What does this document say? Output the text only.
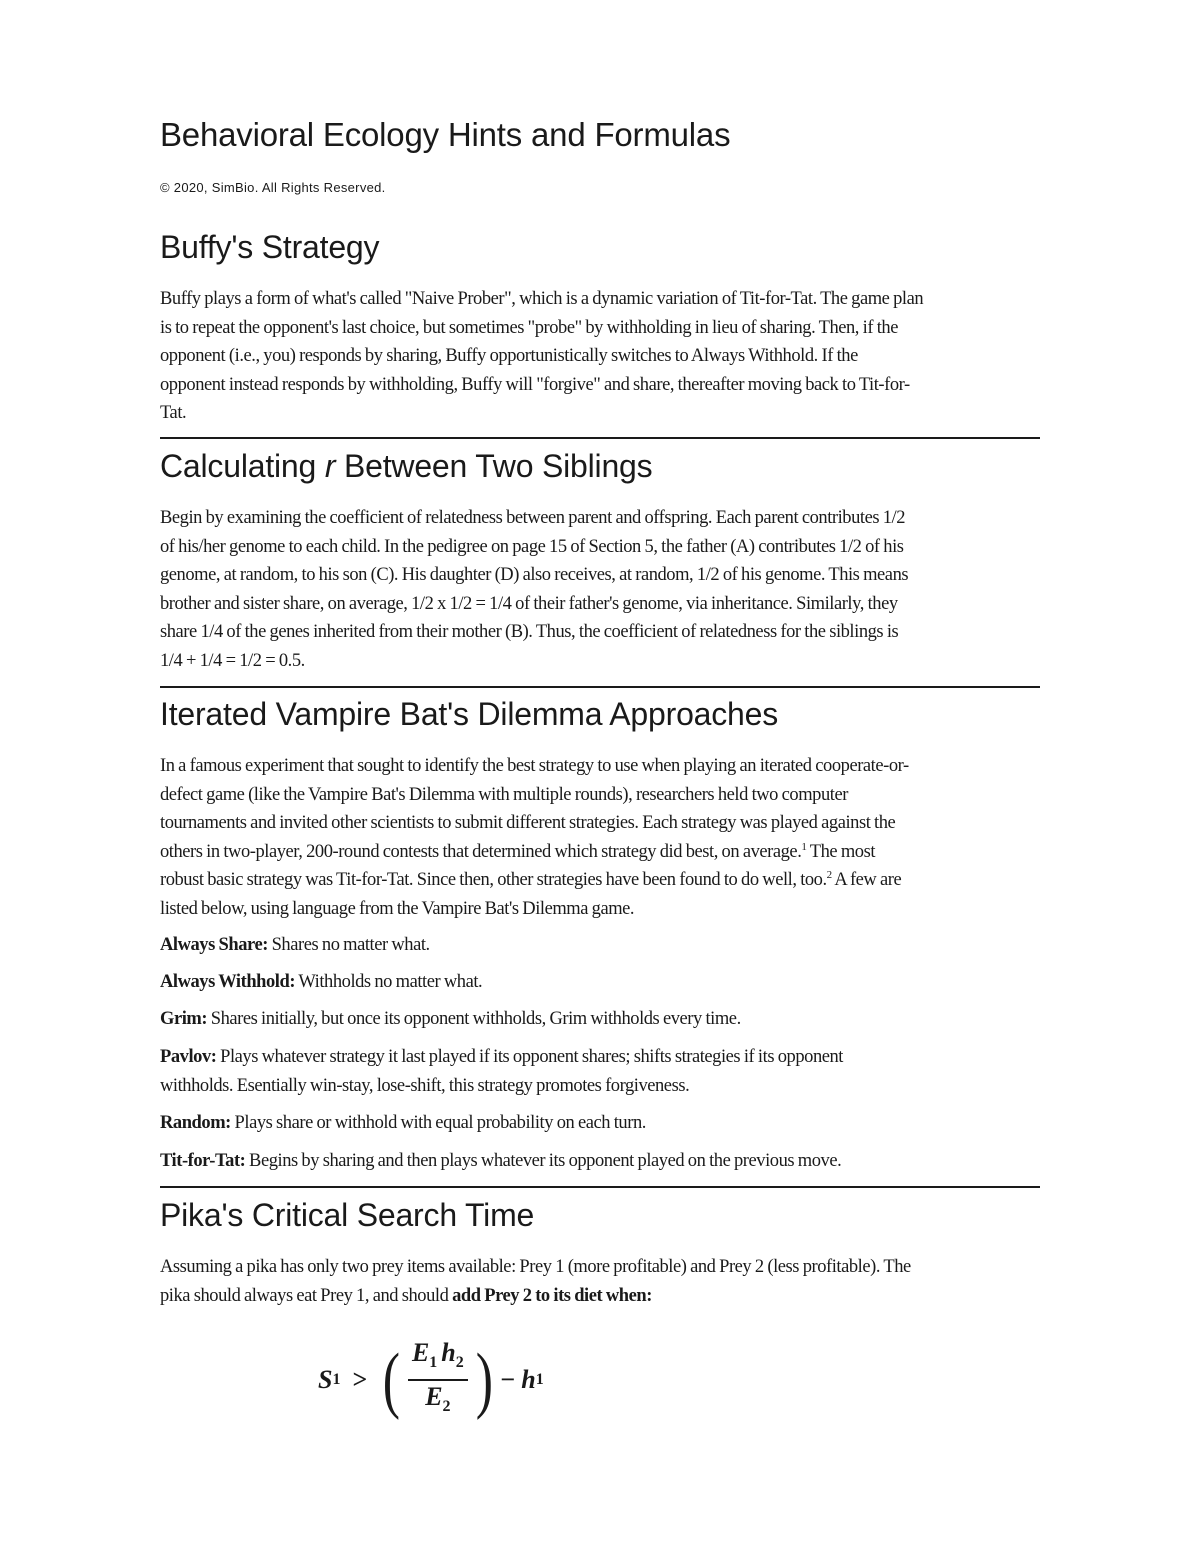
Behavioral Ecology Hints and Formulas
© 2020, SimBio. All Rights Reserved.
Buffy's Strategy
Buffy plays a form of what's called "Naive Prober", which is a dynamic variation of Tit-for-Tat. The game plan
is to repeat the opponent's last choice, but sometimes "probe" by withholding in lieu of sharing. Then, if the
opponent (i.e., you) responds by sharing, Buffy opportunistically switches to Always Withhold. If the
opponent instead responds by withholding, Buffy will "forgive" and share, thereafter moving back to Tit-for-
Tat.
Calculating r Between Two Siblings
Begin by examining the coefficient of relatedness between parent and offspring. Each parent contributes 1/2
of his/her genome to each child. In the pedigree on page 15 of Section 5, the father (A) contributes 1/2 of his
genome, at random, to his son (C). His daughter (D) also receives, at random, 1/2 of his genome. This means
brother and sister share, on average, 1/2 x 1/2 = 1/4 of their father's genome, via inheritance. Similarly, they
share 1/4 of the genes inherited from their mother (B). Thus, the coefficient of relatedness for the siblings is
1/4 + 1/4 = 1/2 = 0.5.
Iterated Vampire Bat's Dilemma Approaches
In a famous experiment that sought to identify the best strategy to use when playing an iterated cooperate-or-
defect game (like the Vampire Bat's Dilemma with multiple rounds), researchers held two computer
tournaments and invited other scientists to submit different strategies. Each strategy was played against the
others in two-player, 200-round contests that determined which strategy did best, on average.$^1$ The most
robust basic strategy was Tit-for-Tat. Since then, other strategies have been found to do well, too.$^2$ A few are
listed below, using language from the Vampire Bat's Dilemma game.
Always Share: Shares no matter what.
Always Withhold: Withholds no matter what.
Grim: Shares initially, but once its opponent withholds, Grim withholds every time.
Pavlov: Plays whatever strategy it last played if its opponent shares; shifts strategies if its opponent
withholds. Esentially win-stay, lose-shift, this strategy promotes forgiveness.
Random: Plays share or withhold with equal probability on each turn.
Tit-for-Tat: Begins by sharing and then plays whatever its opponent played on the previous move.
Pika's Critical Search Time
Assuming a pika has only two prey items available: Prey 1 (more profitable) and Prey 2 (less profitable). The
pika should always eat Prey 1, and should add Prey 2 to its diet when:
S 1 > ( $\frac{E1 h2}{E2}$ ) − h 1
